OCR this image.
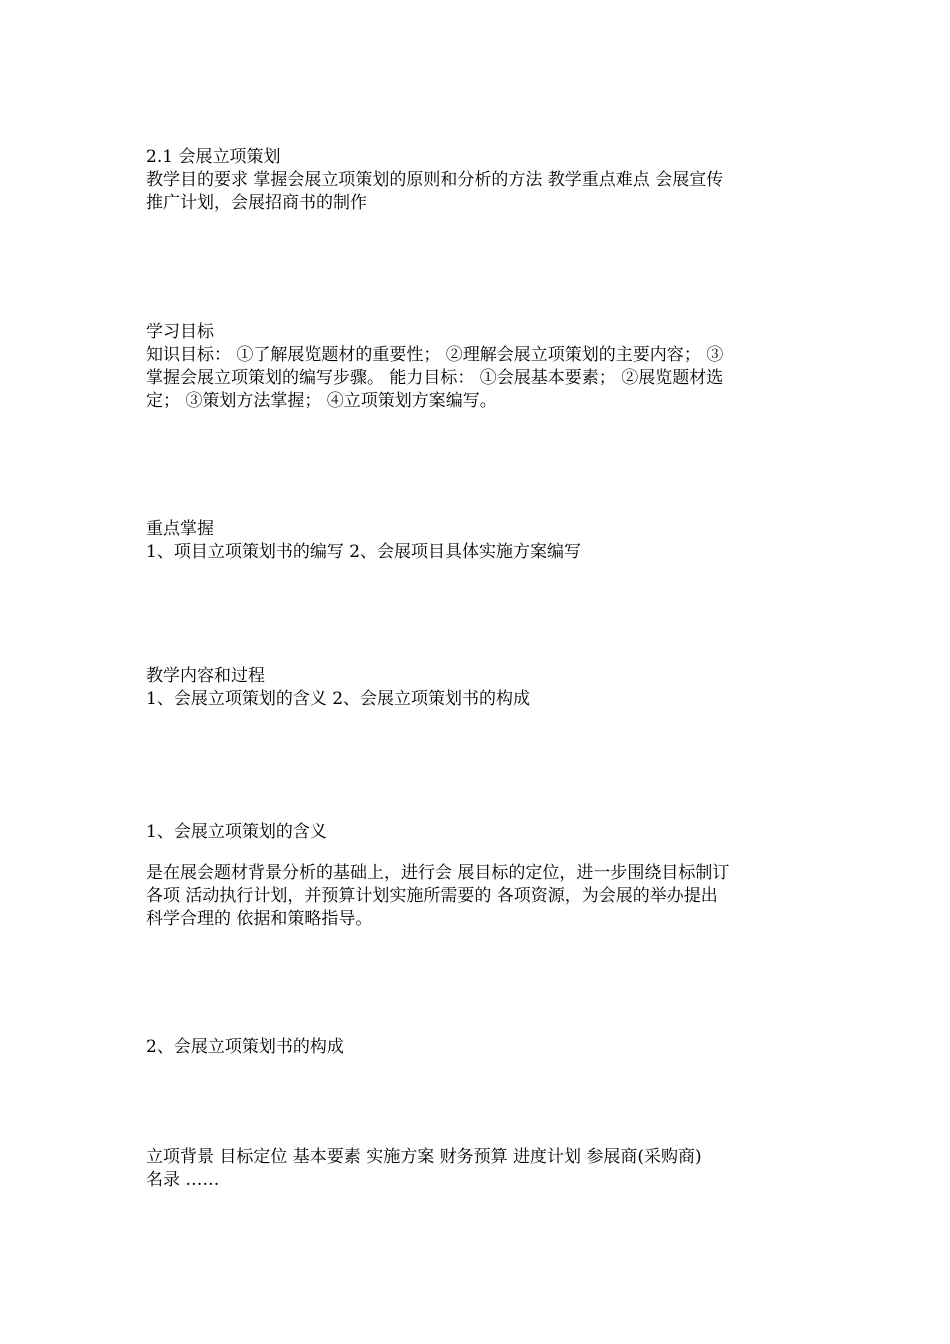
2.1 会展立项策划
教学目的要求 掌握会展立项策划的原则和分析的方法 教学重点难点 会展宣传
推广计划，会展招商书的制作
学习目标
知识目标： ①了解展览题材的重要性； ②理解会展立项策划的主要内容； ③
掌握会展立项策划的编写步骤。 能力目标： ①会展基本要素； ②展览题材选
定； ③策划方法掌握； ④立项策划方案编写。
重点掌握
1、项目立项策划书的编写 2、会展项目具体实施方案编写
教学内容和过程
1、会展立项策划的含义 2、会展立项策划书的构成
1、会展立项策划的含义
是在展会题材背景分析的基础上，进行会 展目标的定位，进一步围绕目标制订
各项 活动执行计划，并预算计划实施所需要的 各项资源，为会展的举办提出
科学合理的 依据和策略指导。
2、会展立项策划书的构成
立项背景 目标定位 基本要素 实施方案 财务预算 进度计划 参展商(采购商)
名录 ……
